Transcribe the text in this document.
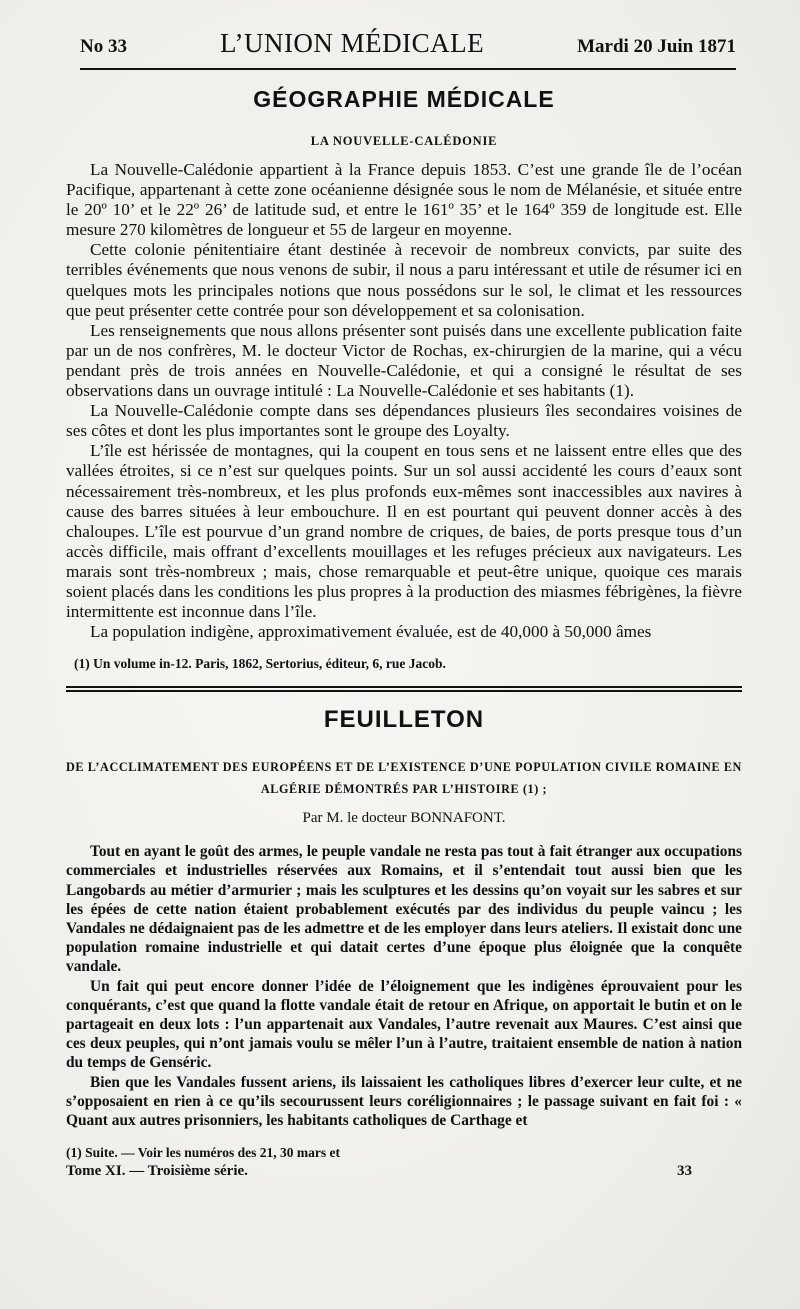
No 33	L’UNION MÉDICALE	Mardi 20 Juin 1871
GÉOGRAPHIE MÉDICALE
LA NOUVELLE-CALÉDONIE

La Nouvelle-Calédonie appartient à la France depuis 1853. C’est une grande île de l’océan Pacifique, appartenant à cette zone océanienne désignée sous le nom de Mélanésie, et située entre le 20º 10’ et le 22º 26’ de latitude sud, et entre le 161º 35’ et le 164º 359 de longitude est. Elle mesure 270 kilomètres de longueur et 55 de largeur en moyenne.

Cette colonie pénitentiaire étant destinée à recevoir de nombreux convicts, par suite des terribles événements que nous venons de subir, il nous a paru intéressant et utile de résumer ici en quelques mots les principales notions que nous possédons sur le sol, le climat et les ressources que peut présenter cette contrée pour son développement et sa colonisation.

Les renseignements que nous allons présenter sont puisés dans une excellente publication faite par un de nos confrères, M. le docteur Victor de Rochas, ex-chirurgien de la marine, qui a vécu pendant près de trois années en Nouvelle-Calédonie, et qui a consigné le résultat de ses observations dans un ouvrage intitulé : La Nouvelle-Calédonie et ses habitants (1).

La Nouvelle-Calédonie compte dans ses dépendances plusieurs îles secondaires voisines de ses côtes et dont les plus importantes sont le groupe des Loyalty.

L’île est hérissée de montagnes, qui la coupent en tous sens et ne laissent entre elles que des vallées étroites, si ce n’est sur quelques points. Sur un sol aussi accidenté les cours d’eaux sont nécessairement très-nombreux, et les plus profonds eux-mêmes sont inaccessibles aux navires à cause des barres situées à leur embouchure. Il en est pourtant qui peuvent donner accès à des chaloupes. L’île est pourvue d’un grand nombre de criques, de baies, de ports presque tous d’un accès difficile, mais offrant d’excellents mouillages et les refuges précieux aux navigateurs. Les marais sont très-nombreux ; mais, chose remarquable et peut-être unique, quoique ces marais soient placés dans les conditions les plus propres à la production des miasmes fébrigènes, la fièvre intermittente est inconnue dans l’île.

La population indigène, approximativement évaluée, est de 40,000 à 50,000 âmes

(1) Un volume in-12. Paris, 1862, Sertorius, éditeur, 6, rue Jacob.
FEUILLETON
DE L’ACCLIMATEMENT DES EUROPÉENS ET DE L’EXISTENCE D’UNE POPULATION CIVILE ROMAINE EN ALGÉRIE DÉMONTRÉS PAR L’HISTOIRE (1) ;
Par M. le docteur BONNAFONT.

Tout en ayant le goût des armes, le peuple vandale ne resta pas tout à fait étranger aux occupations commerciales et industrielles réservées aux Romains, et il s’entendait tout aussi bien que les Langobards au métier d’armurier ; mais les sculptures et les dessins qu’on voyait sur les sabres et sur les épées de cette nation étaient probablement exécutés par des individus du peuple vaincu ; les Vandales ne dédaignaient pas de les admettre et de les employer dans leurs ateliers. Il existait donc une population romaine industrielle et qui datait certes d’une époque plus éloignée que la conquête vandale.

Un fait qui peut encore donner l’idée de l’éloignement que les indigènes éprouvaient pour les conquérants, c’est que quand la flotte vandale était de retour en Afrique, on apportait le butin et on le partageait en deux lots : l’un appartenait aux Vandales, l’autre revenait aux Maures. C’est ainsi que ces deux peuples, qui n’ont jamais voulu se mêler l’un à l’autre, traitaient ensemble de nation à nation du temps de Genséric.

Bien que les Vandales fussent ariens, ils laissaient les catholiques libres d’exercer leur culte, et ne s’opposaient en rien à ce qu’ils secourussent leurs coréligionnaires ; le passage suivant en fait foi : « Quant aux autres prisonniers, les habitants catholiques de Carthage et

(1) Suite. — Voir les numéros des 21, 30 mars et
Tome XI. — Troisième série.	33
